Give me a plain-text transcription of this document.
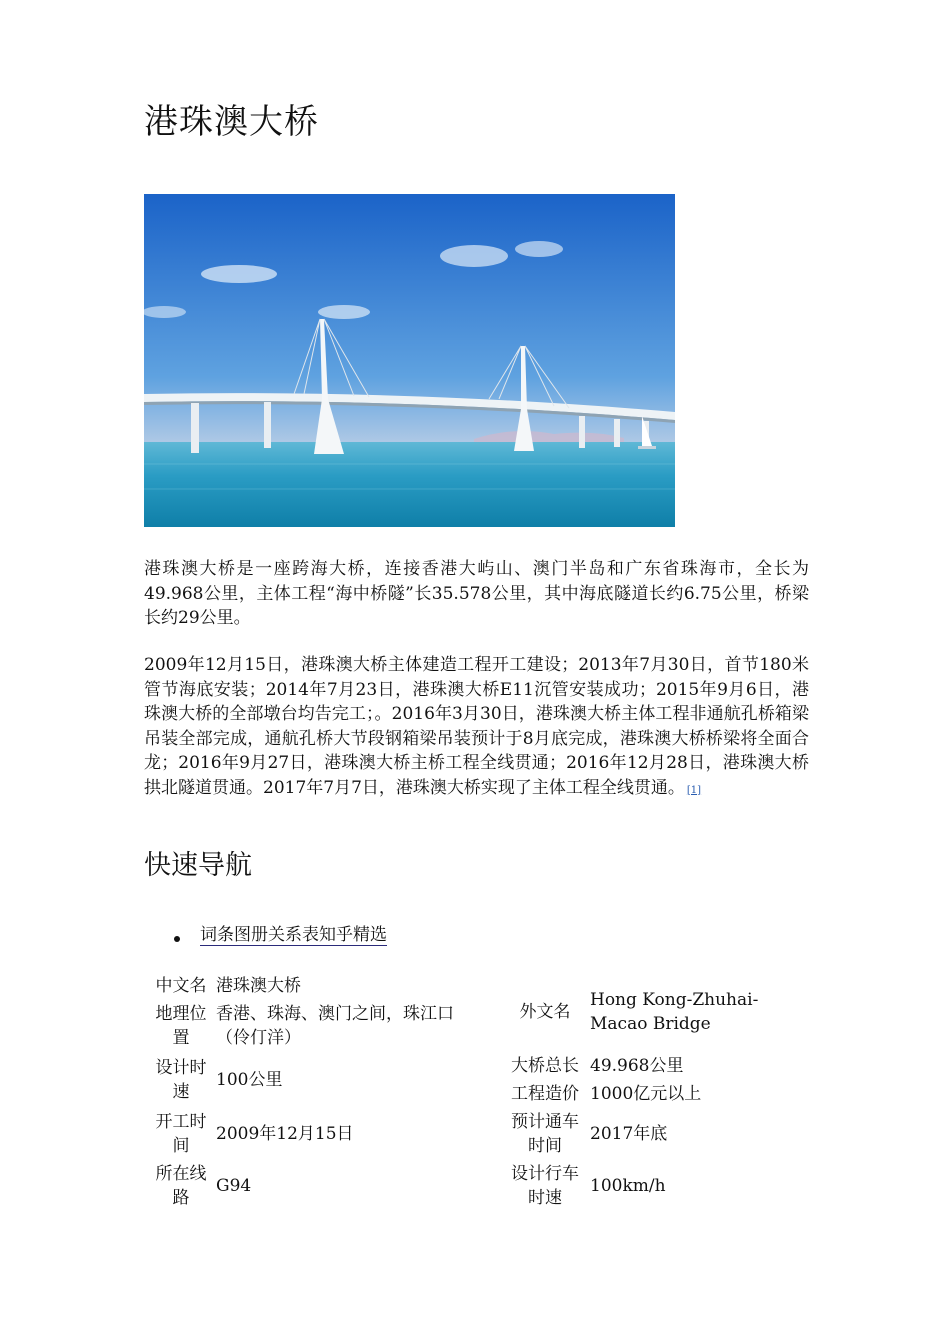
港珠澳大桥

港珠澳大桥是一座跨海大桥，连接香港大屿山、澳门半岛和广东省珠海市，全长为49.968公里，主体工程“海中桥隧”长35.578公里，其中海底隧道长约6.75公里，桥梁长约29公里。

2009年12月15日，港珠澳大桥主体建造工程开工建设；2013年7月30日，首节180米管节海底安装；2014年7月23日，港珠澳大桥E11沉管安装成功；2015年9月6日，港珠澳大桥的全部墩台均告完工；。2016年3月30日，港珠澳大桥主体工程非通航孔桥箱梁吊装全部完成，通航孔桥大节段钢箱梁吊装预计于8月底完成，港珠澳大桥桥梁将全面合龙；2016年9月27日，港珠澳大桥主桥工程全线贯通；2016年12月28日，港珠澳大桥拱北隧道贯通。2017年7月7日，港珠澳大桥实现了主体工程全线贯通。 [1]

快速导航
词条图册关系表知乎精选
中文名	港珠澳大桥		外文名	Hong Kong-Zhuhai-Macao Bridge
地理位置	香港、珠海、澳门之间，珠江口（伶仃洋）			
设计时速	100公里		大桥总长	49.968公里
			工程造价	1000亿元以上
开工时间	2009年12月15日		预计通车时间	2017年底
所在线路	G94		设计行车时速	100km/h
